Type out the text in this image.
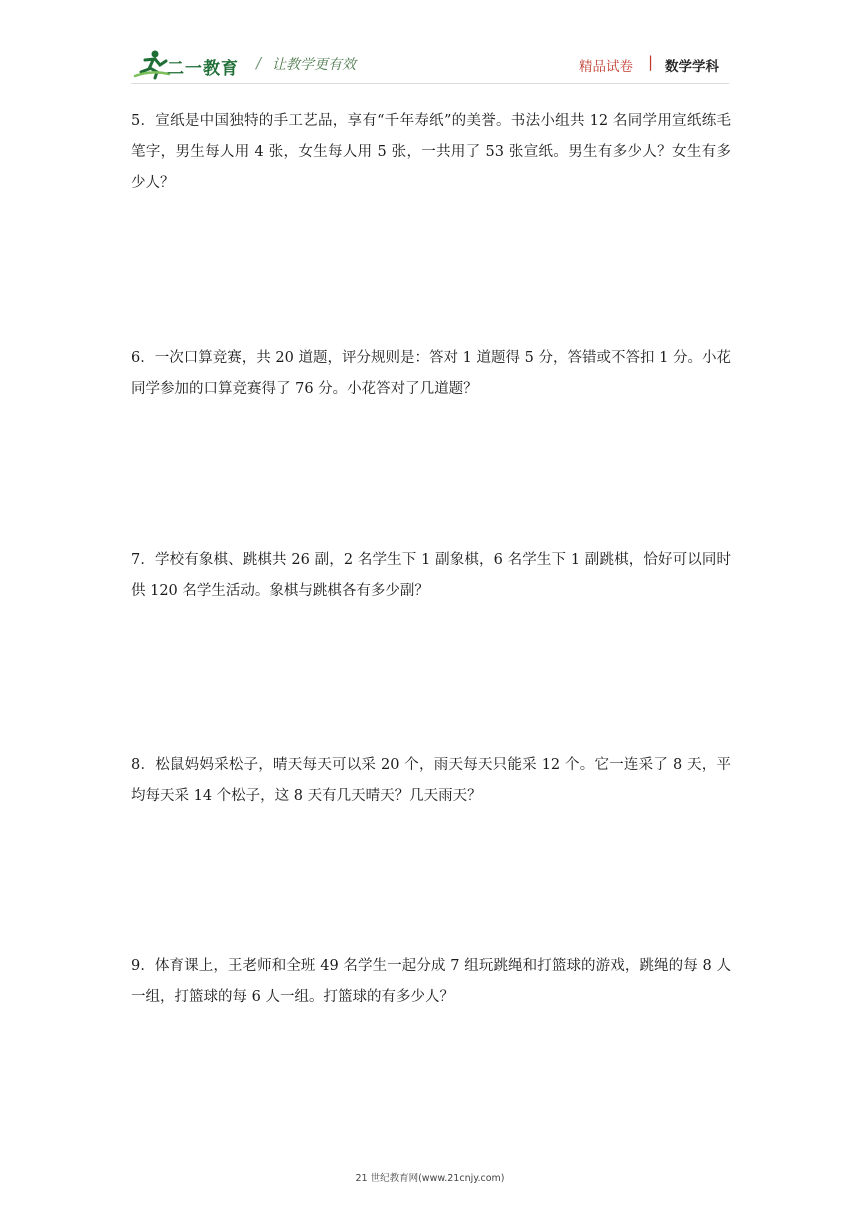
二一教育 / 让教学更有效	精品试卷 | 数学学科
5．宣纸是中国独特的手工艺品，享有“千年寿纸”的美誉。书法小组共 12 名同学用宣纸练毛笔字，男生每人用 4 张，女生每人用 5 张，一共用了 53 张宣纸。男生有多少人？女生有多少人？
6．一次口算竞赛，共 20 道题，评分规则是：答对 1 道题得 5 分，答错或不答扣 1 分。小花同学参加的口算竞赛得了 76 分。小花答对了几道题？
7．学校有象棋、跳棋共 26 副，2 名学生下 1 副象棋，6 名学生下 1 副跳棋，恰好可以同时供 120 名学生活动。象棋与跳棋各有多少副？
8．松鼠妈妈采松子，晴天每天可以采 20 个，雨天每天只能采 12 个。它一连采了 8 天，平均每天采 14 个松子，这 8 天有几天晴天？几天雨天？
9．体育课上，王老师和全班 49 名学生一起分成 7 组玩跳绳和打篮球的游戏，跳绳的每 8 人一组，打篮球的每 6 人一组。打篮球的有多少人？
21 世纪教育网(www.21cnjy.com)
